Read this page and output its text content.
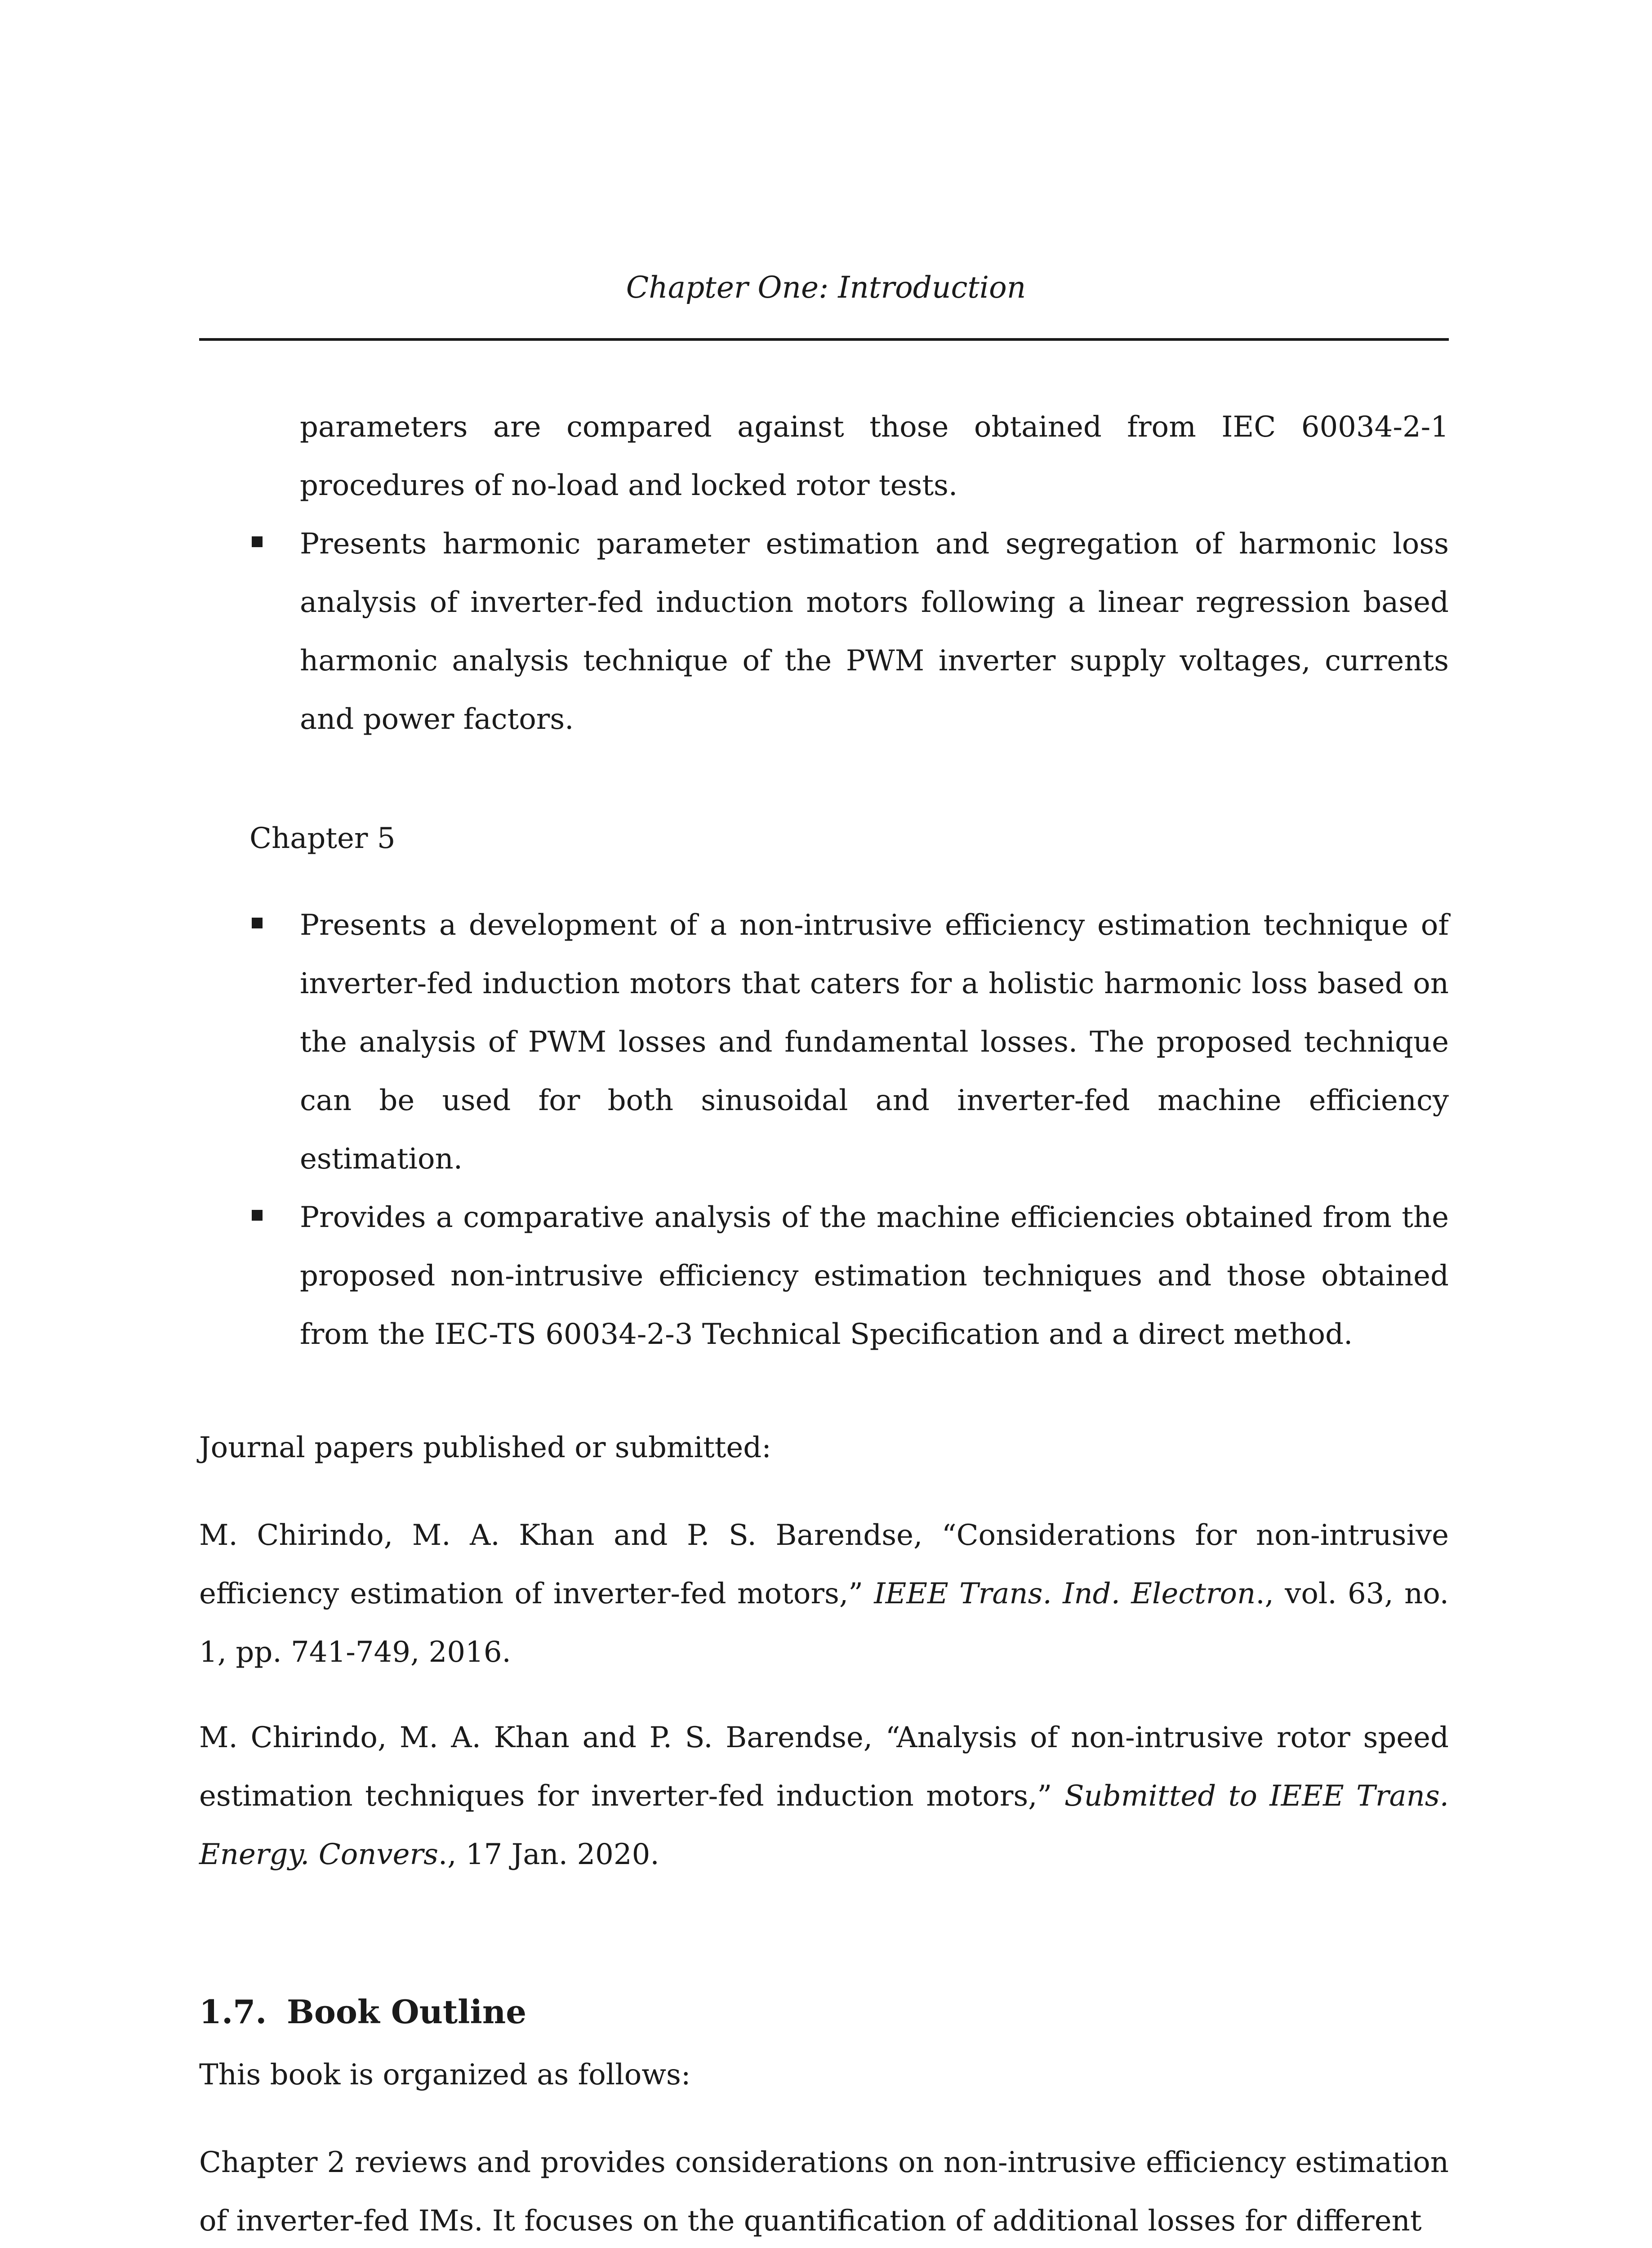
Chapter One: Introduction

parameters are compared against those obtained from IEC 60034-2-1 procedures of no-load and locked rotor tests.

Presents harmonic parameter estimation and segregation of harmonic loss analysis of inverter-fed induction motors following a linear regression based harmonic analysis technique of the PWM inverter supply voltages, currents and power factors.
Chapter 5
Presents a development of a non-intrusive efficiency estimation technique of inverter-fed induction motors that caters for a holistic harmonic loss based on the analysis of PWM losses and fundamental losses. The proposed technique can be used for both sinusoidal and inverter-fed machine efficiency estimation.
Provides a comparative analysis of the machine efficiencies obtained from the proposed non-intrusive efficiency estimation techniques and those obtained from the IEC-TS 60034-2-3 Technical Specification and a direct method.
Journal papers published or submitted:
M. Chirindo, M. A. Khan and P. S. Barendse, “Considerations for non-intrusive efficiency estimation of inverter-fed motors,” IEEE Trans. Ind. Electron., vol. 63, no. 1, pp. 741-749, 2016.
M. Chirindo, M. A. Khan and P. S. Barendse, “Analysis of non-intrusive rotor speed estimation techniques for inverter-fed induction motors,” Submitted to IEEE Trans. Energy. Convers., 17 Jan. 2020.
1.7. Book Outline
This book is organized as follows:
Chapter 2 reviews and provides considerations on non-intrusive efficiency estimation of inverter-fed IMs. It focuses on the quantification of additional losses for different
